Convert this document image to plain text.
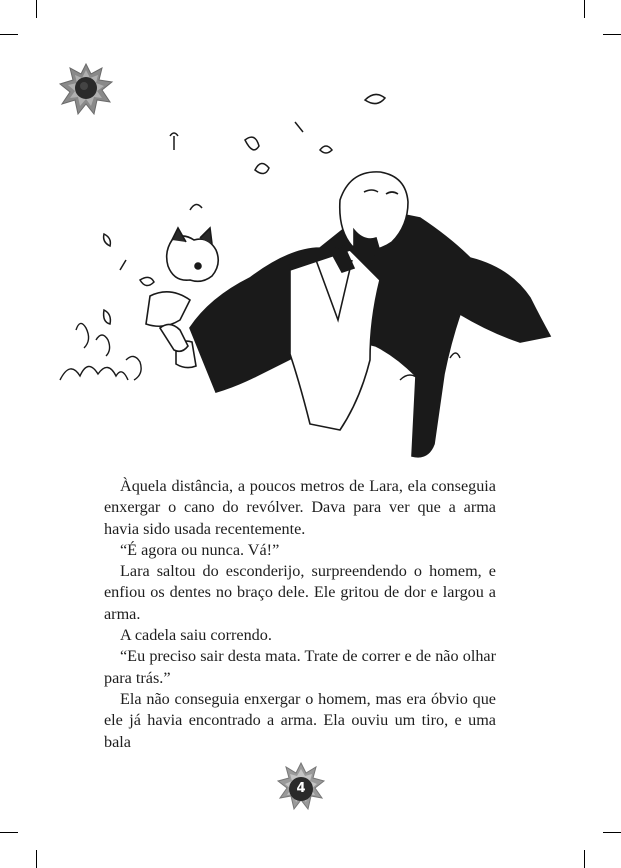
Àquela distância, a poucos metros de Lara, ela conseguia enxergar o cano do revólver. Dava para ver que a arma havia sido usada recentemente.

“É agora ou nunca. Vá!”

Lara saltou do esconderijo, surpreendendo o homem, e enfiou os dentes no braço dele. Ele gritou de dor e largou a arma.

A cadela saiu correndo.

“Eu preciso sair desta mata. Trate de correr e de não olhar para trás.”

Ela não conseguia enxergar o homem, mas era óbvio que ele já havia encontrado a arma. Ela ouviu um tiro, e uma bala

4
